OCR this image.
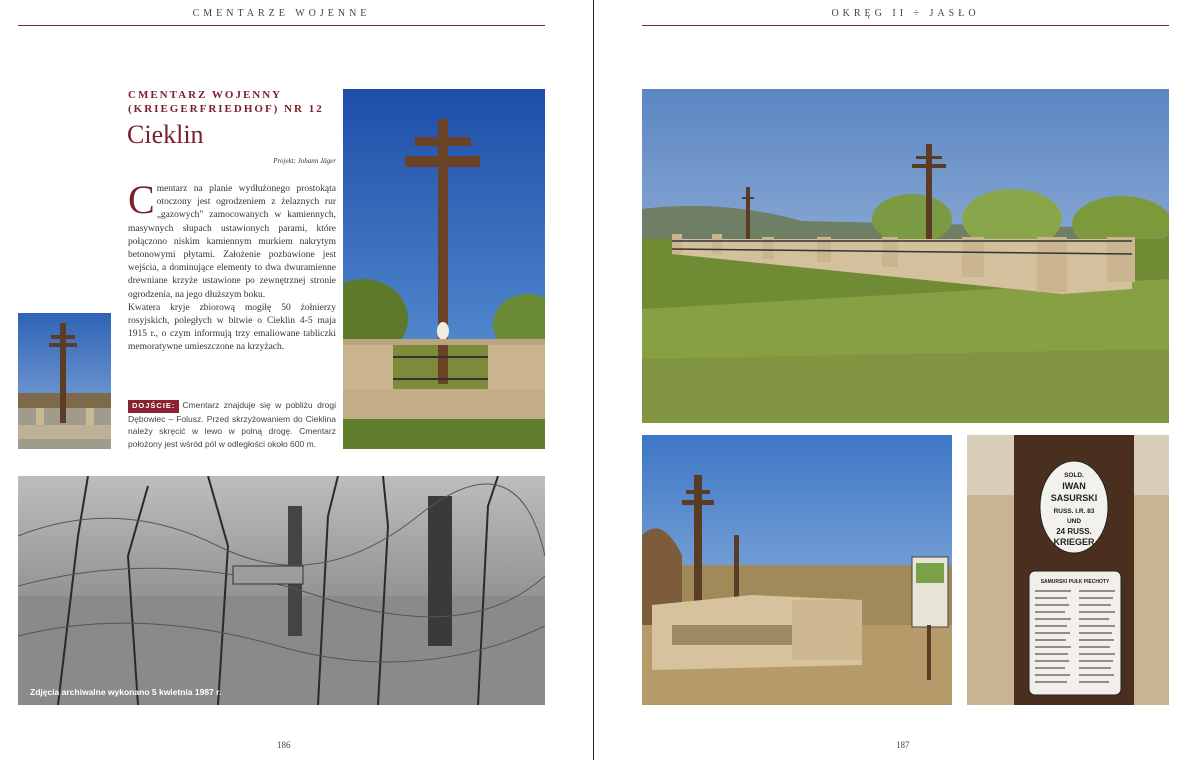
CMENTARZE WOJENNE
CMENTARZ WOJENNY
(KRIEGERFRIEDHOF) NR 12
Cieklin
Projekt: Johann Jäger

Cmentarz na planie wydłużonego prostokąta otoczony jest ogrodzeniem z żelaznych rur „gazowych" zamocowanych w kamiennych, masywnych słupach ustawionych parami, które połączono niskim kamiennym murkiem nakrytym betonowymi płytami. Założenie pozbawione jest wejścia, a dominujące elementy to dwa dwuramienne drewniane krzyże ustawione po zewnętrznej stronie ogrodzenia, na jego dłuższym boku.

Kwatera kryje zbiorową mogiłę 50 żołnierzy rosyjskich, poległych w bitwie o Cieklin 4-5 maja 1915 r., o czym informują trzy emaliowane tabliczki memoratywne umieszczone na krzyżach.

DOJŚCIE: Cmentarz znajduje się w pobliżu drogi Dębowiec – Folusz. Przed skrzyżowaniem do Cieklina należy skręcić w lewo w polną drogę. Cmentarz położony jest wśród pól w odległości około 600 m.
Zdjęcia archiwalne wykonano 5 kwietnia 1987 r.
186
OKRĘG II ÷ JASŁO
SOLD.
IWAN
SASURSKI
RUSS. I.R. 83
UND
24 RUSS.
KRIEGER
SAMURSKI PUŁK PIECHOTY
187
